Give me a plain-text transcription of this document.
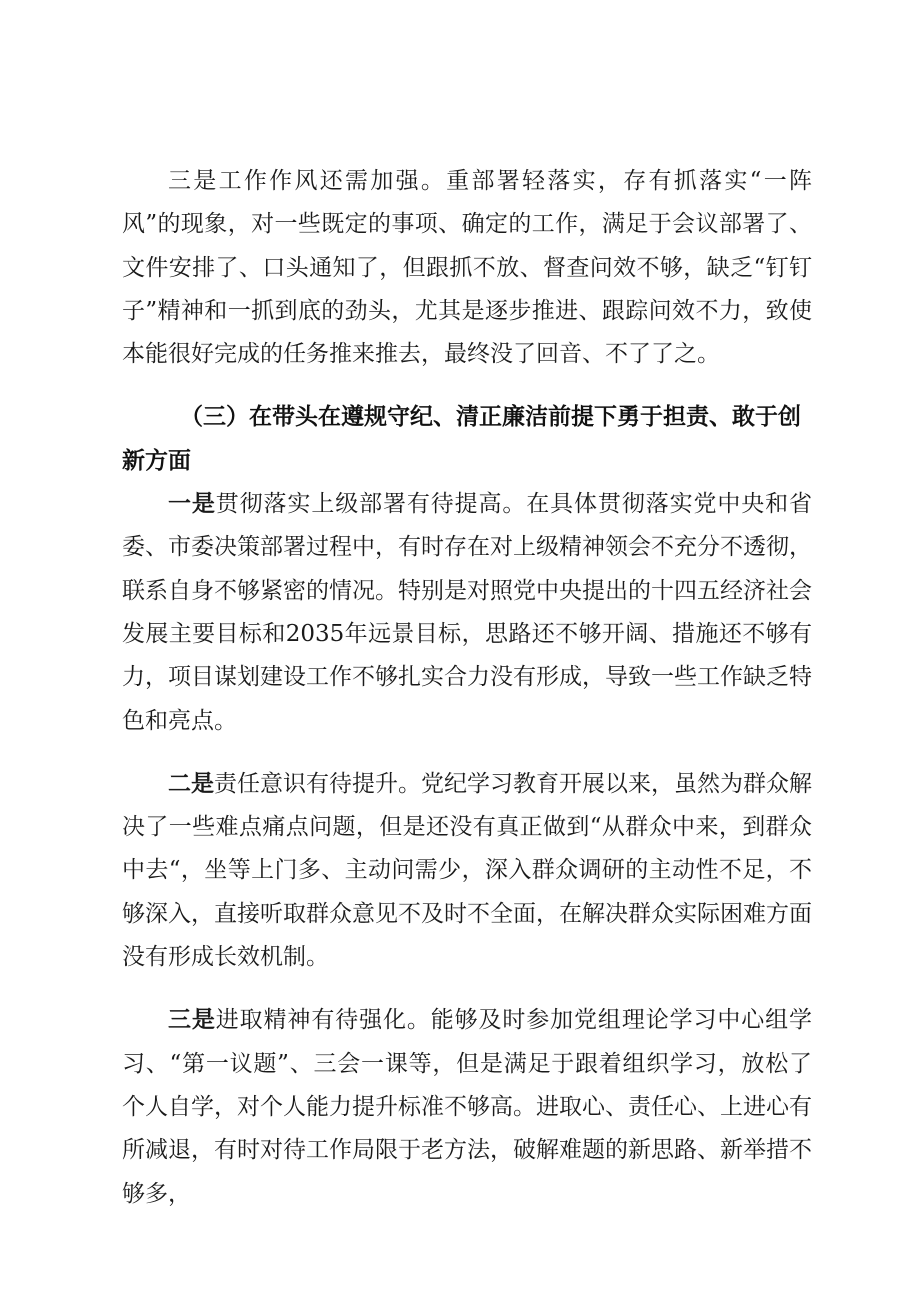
三是工作作风还需加强。重部署轻落实，存有抓落实“一阵风”的现象，对一些既定的事项、确定的工作，满足于会议部署了、文件安排了、口头通知了，但跟抓不放、督查问效不够，缺乏“钉钉子”精神和一抓到底的劲头，尤其是逐步推进、跟踪问效不力，致使本能很好完成的任务推来推去，最终没了回音、不了了之。

（三）在带头在遵规守纪、清正廉洁前提下勇于担责、敢于创新方面

一是贯彻落实上级部署有待提高。在具体贯彻落实党中央和省委、市委决策部署过程中，有时存在对上级精神领会不充分不透彻，联系自身不够紧密的情况。特别是对照党中央提出的十四五经济社会发展主要目标和2035年远景目标，思路还不够开阔、措施还不够有力，项目谋划建设工作不够扎实合力没有形成，导致一些工作缺乏特色和亮点。

二是责任意识有待提升。党纪学习教育开展以来，虽然为群众解决了一些难点痛点问题，但是还没有真正做到“从群众中来，到群众中去“，坐等上门多、主动问需少，深入群众调研的主动性不足，不够深入，直接听取群众意见不及时不全面，在解决群众实际困难方面没有形成长效机制。

三是进取精神有待强化。能够及时参加党组理论学习中心组学习、“第一议题”、三会一课等，但是满足于跟着组织学习，放松了个人自学，对个人能力提升标准不够高。进取心、责任心、上进心有所减退，有时对待工作局限于老方法，破解难题的新思路、新举措不够多，
